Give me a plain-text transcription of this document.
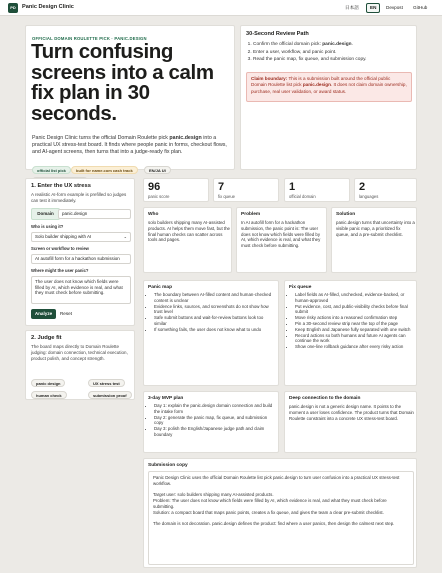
PD	Panic Design Clinic	日本語	EN	Devpost GitHub
OFFICIAL DOMAIN ROULETTE PICK · PANIC.DESIGN
Turn confusing screens into a calm fix plan in 30 seconds.
Panic Design Clinic turns the official Domain Roulette pick panic.design into a practical UX stress-test board. It finds where people panic in forms, checkout flows, and AI-agent screens, then turns that into a judge-ready fix plan.
official list pick	built for name.com cash track	EN/JA UI
30-Second Review Path
1. Confirm the official domain pick: panic.design.
2. Enter a user, workflow, and panic point.
3. Read the panic map, fix queue, and submission copy.
Claim boundary: This is a submission built around the official public Domain Roulette list pick panic.design. It does not claim domain ownership, purchase, real user validation, or award status.
1. Enter the UX stress
A realistic AI-form example is prefilled so judges can test it immediately.
Domain	panic.design
Who is using it?
Solo builder shipping with AI	⌄
Screen or workflow to review
AI autofill form for a hackathon submission
Where might the user panic?
The user does not know which fields were filled by AI, which evidence is real, and what they must check before submitting.
Analyze	Reset
2. Judge fit
The board maps directly to Domain Roulette judging: domain connection, technical execution, product polish, and concept strength.
panic design	UX stress test
human check	submission proof
96
panic score
7
fix queue
1
official domain
2
languages
Who
solo builders shipping many AI-assisted products. AI helps them move fast, but the final human checks can scatter across tools and pages.
Problem
In AI autofill form for a hackathon submission, the panic point is: The user does not know which fields were filled by AI, which evidence is real, and what they must check before submitting.
Solution
panic.design turns that uncertainty into a visible panic map, a prioritized fix queue, and a pre-submit checklist.
Panic map
• The boundary between AI-filled content and human-checked content is unclear
• Evidence links, sources, and screenshots do not show how trust level
• Safe submit buttons and wait-for-review buttons look too similar
• If something fails, the user does not know what to undo
Fix queue
• Label fields as AI-filled, unchecked, evidence-backed, or human-approved
• Put evidence, cost, and public-visibility checks before final submit
• Move risky actions into a reasoned confirmation step
• Pin a 30-second review strip near the top of the page
• Keep English and Japanese fully separated with one switch
• Record actions so both humans and future AI agents can continue the work
• Show one-line rollback guidance after every risky action
3-day MVP plan
• Day 1: explain the panic.design domain connection and build the intake form
• Day 2: generate the panic map, fix queue, and submission copy
• Day 3: polish the English/Japanese judge path and claim boundary
Deep connection to the domain
panic.design is not a generic design name. It points to the moment a user loses confidence. The product turns that Domain Roulette constraint into a concrete UX stress-test board.
Submission copy
Panic Design Clinic uses the official Domain Roulette list pick panic.design to turn user confusion into a practical UX stress-test workflow.

Target user: solo builders shipping many AI-assisted products.
Problem: The user does not know which fields were filled by AI, which evidence is real, and what they must check before submitting.
Solution: a compact board that maps panic points, creates a fix queue, and gives the team a clear pre-submit checklist.

The domain is not decoration. panic.design defines the product: find where a user panics, then design the calmest next step.
